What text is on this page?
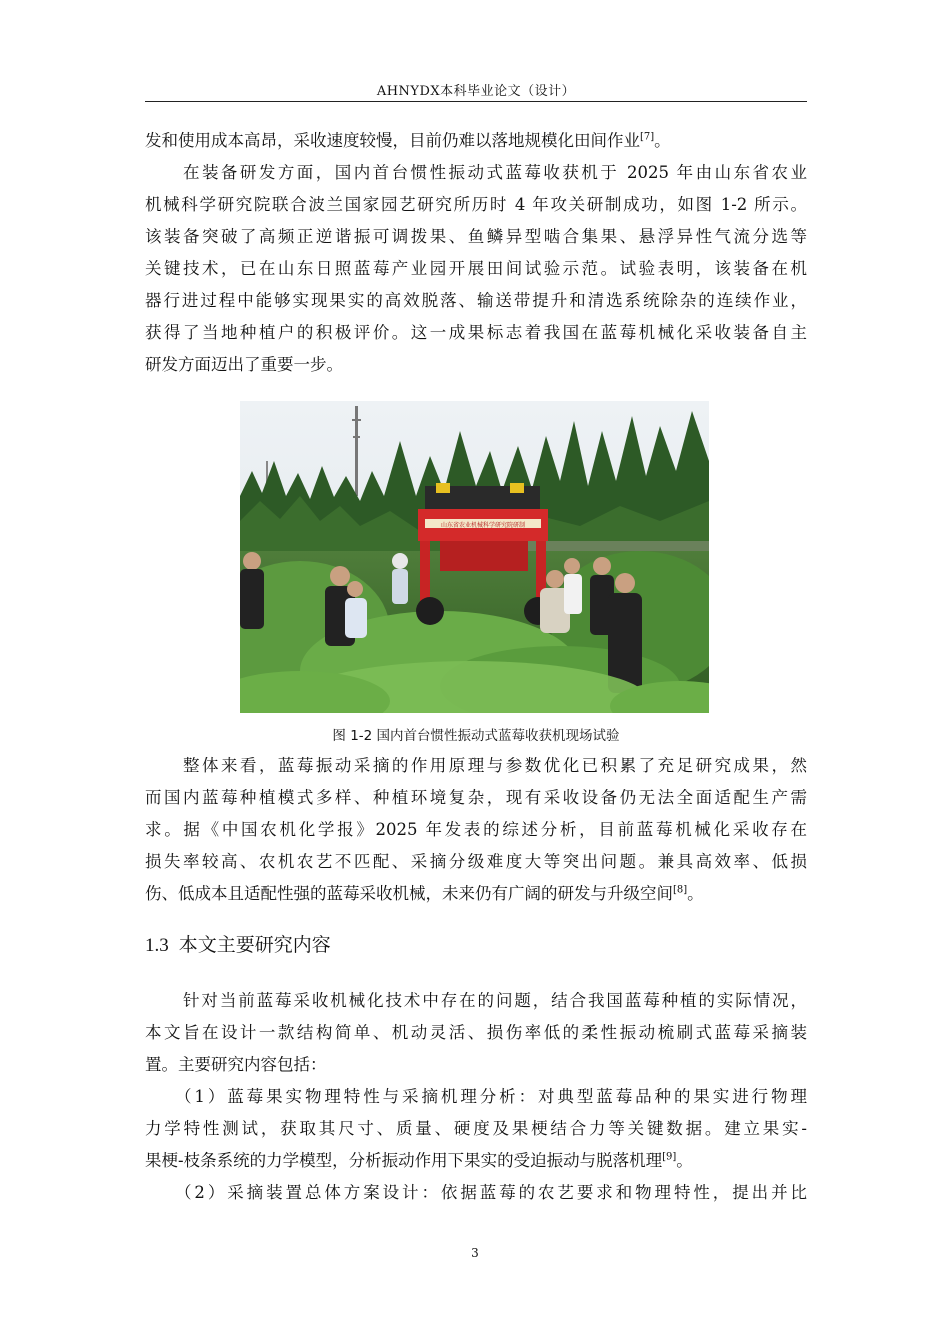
AHNYDX本科毕业论文（设计）
发和使用成本高昂，采收速度较慢，目前仍难以落地规模化田间作业[7]。
在装备研发方面，国内首台惯性振动式蓝莓收获机于 2025 年由山东省农业
机械科学研究院联合波兰国家园艺研究所历时 4 年攻关研制成功，如图 1-2 所示。
该装备突破了高频正逆谐振可调拨果、鱼鳞异型啮合集果、悬浮异性气流分选等
关键技术，已在山东日照蓝莓产业园开展田间试验示范。试验表明，该装备在机
器行进过程中能够实现果实的高效脱落、输送带提升和清选系统除杂的连续作业，
获得了当地种植户的积极评价。这一成果标志着我国在蓝莓机械化采收装备自主
研发方面迈出了重要一步。
山东省农业机械科学研究院研制
图 1-2 国内首台惯性振动式蓝莓收获机现场试验
整体来看，蓝莓振动采摘的作用原理与参数优化已积累了充足研究成果，然
而国内蓝莓种植模式多样、种植环境复杂，现有采收设备仍无法全面适配生产需
求。据《中国农机化学报》2025 年发表的综述分析，目前蓝莓机械化采收存在
损失率较高、农机农艺不匹配、采摘分级难度大等突出问题。兼具高效率、低损
伤、低成本且适配性强的蓝莓采收机械，未来仍有广阔的研发与升级空间[8]。
1.3 本文主要研究内容
针对当前蓝莓采收机械化技术中存在的问题，结合我国蓝莓种植的实际情况，
本文旨在设计一款结构简单、机动灵活、损伤率低的柔性振动梳刷式蓝莓采摘装
置。主要研究内容包括：
（1）蓝莓果实物理特性与采摘机理分析：对典型蓝莓品种的果实进行物理
力学特性测试，获取其尺寸、质量、硬度及果梗结合力等关键数据。建立果实-
果梗-枝条系统的力学模型，分析振动作用下果实的受迫振动与脱落机理[9]。
（2）采摘装置总体方案设计：依据蓝莓的农艺要求和物理特性，提出并比
3
